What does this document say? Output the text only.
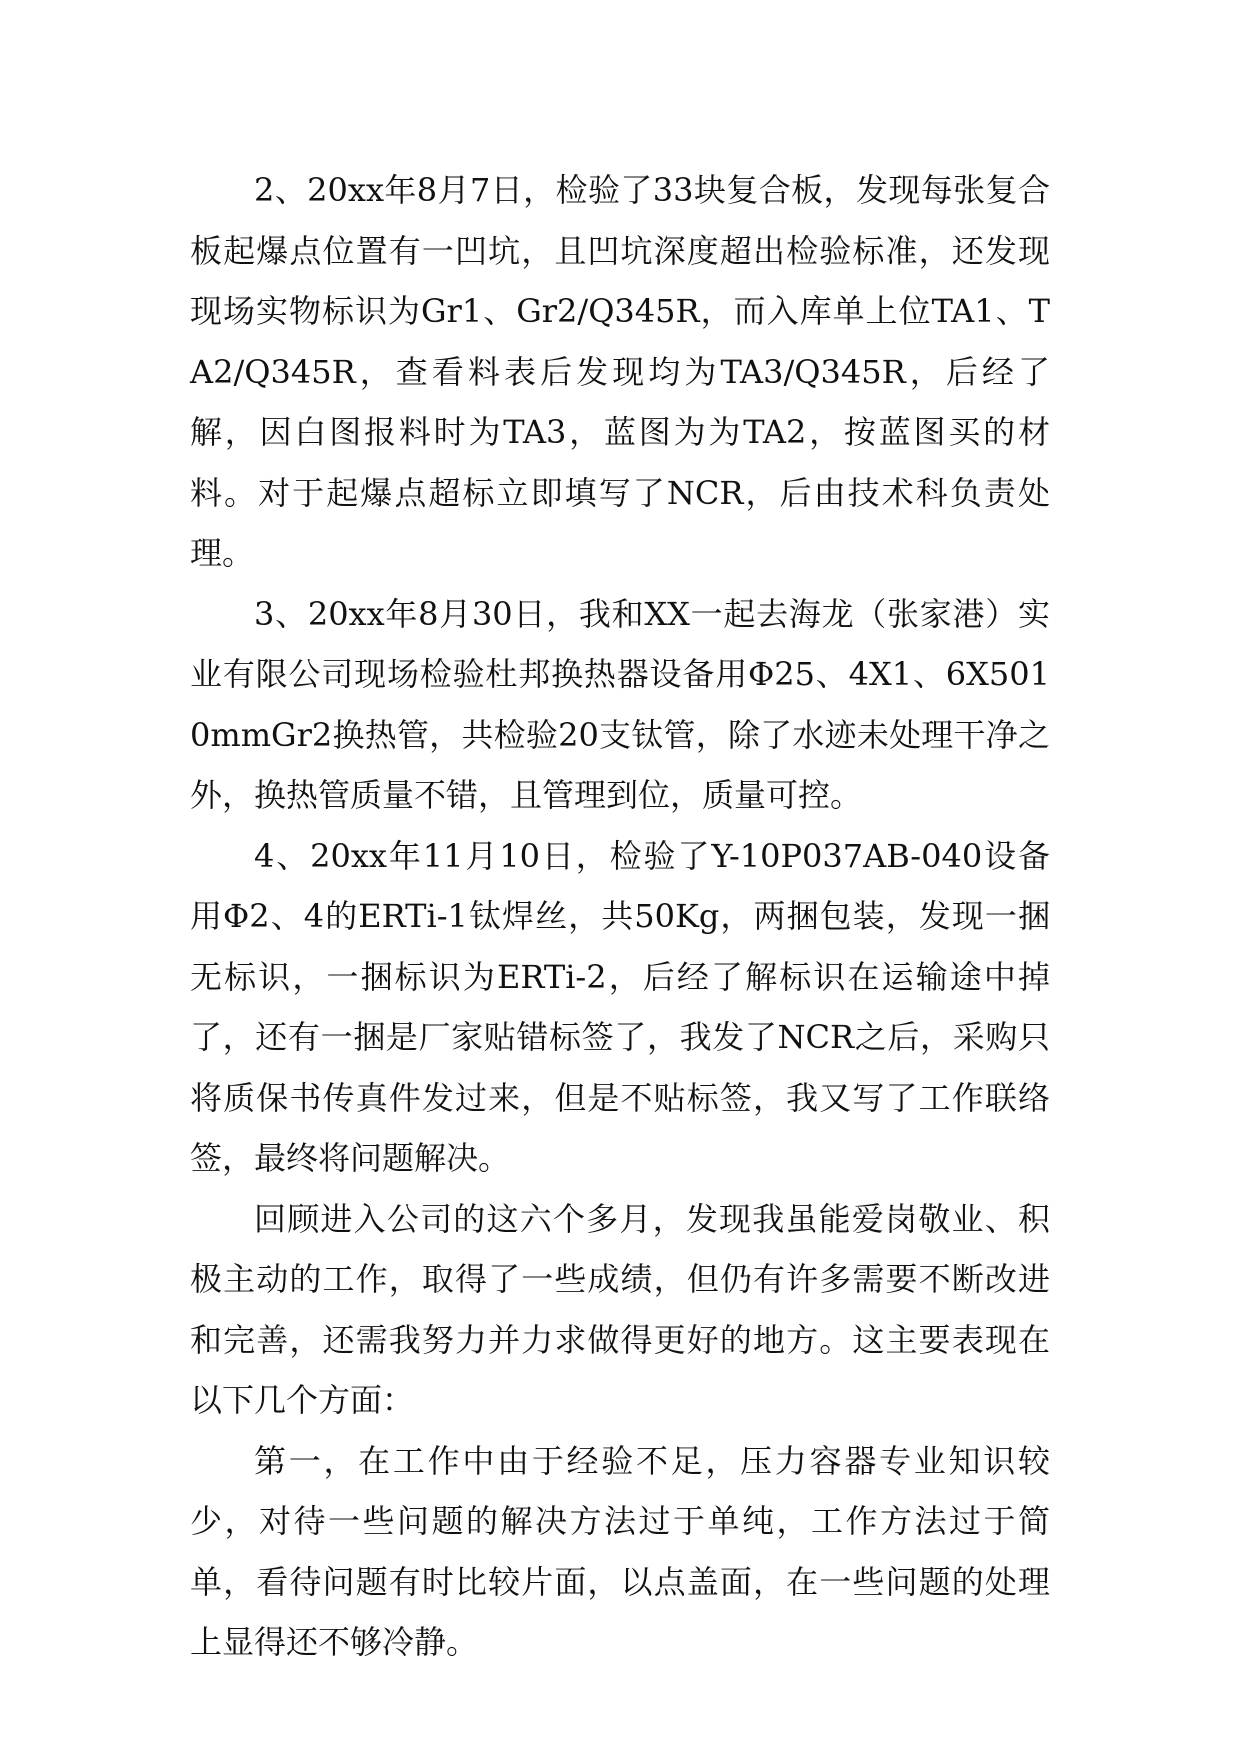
2、20xx年8月7日，检验了33块复合板，发现每张复合板起爆点位置有一凹坑，且凹坑深度超出检验标准，还发现现场实物标识为Gr1、Gr2/Q345R，而入库单上位TA1、TA2/Q345R，查看料表后发现均为TA3/Q345R，后经了解，因白图报料时为TA3，蓝图为为TA2，按蓝图买的材料。对于起爆点超标立即填写了NCR，后由技术科负责处理。

3、20xx年8月30日，我和XX一起去海龙（张家港）实业有限公司现场检验杜邦换热器设备用Φ25、4X1、6X5010mmGr2换热管，共检验20支钛管，除了水迹未处理干净之外，换热管质量不错，且管理到位，质量可控。

4、20xx年11月10日，检验了Y-10P037AB-040设备用Φ2、4的ERTi-1钛焊丝，共50Kg，两捆包装，发现一捆无标识，一捆标识为ERTi-2，后经了解标识在运输途中掉了，还有一捆是厂家贴错标签了，我发了NCR之后，采购只将质保书传真件发过来，但是不贴标签，我又写了工作联络签，最终将问题解决。

回顾进入公司的这六个多月，发现我虽能爱岗敬业、积极主动的工作，取得了一些成绩，但仍有许多需要不断改进和完善，还需我努力并力求做得更好的地方。这主要表现在以下几个方面：

第一，在工作中由于经验不足，压力容器专业知识较少，对待一些问题的解决方法过于单纯，工作方法过于简单，看待问题有时比较片面，以点盖面，在一些问题的处理上显得还不够冷静。
